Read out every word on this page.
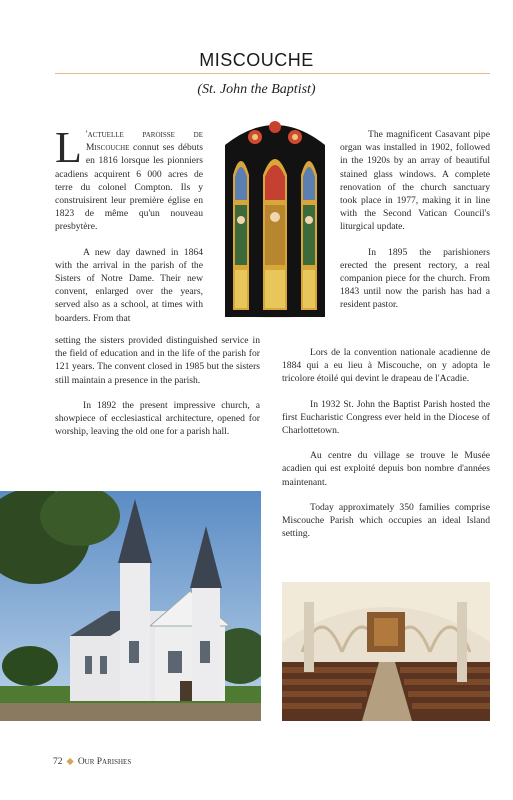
MISCOUCHE
(St. John the Baptist)

L 'actuelle paroisse de Miscouche connut ses débuts en 1816 lorsque les pionniers acadiens acquirent 6 000 acres de terre du colonel Compton. Ils y construisirent leur première église en 1823 de même qu'un nouveau presbytère.

A new day dawned in 1864 with the arrival in the parish of the Sisters of Notre Dame. Their new convent, enlarged over the years, served also as a school, at times with boarders. From that

setting the sisters provided distinguished service in the field of education and in the life of the parish for 121 years. The convent closed in 1985 but the sisters still maintain a presence in the parish.

In 1892 the present impressive church, a showpiece of ecclesiastical architecture, opened for worship, leaving the old one for a parish hall.

The magnificent Casavant pipe organ was installed in 1902, followed in the 1920s by an array of beautiful stained glass windows. A complete renovation of the church sanctuary took place in 1977, making it in line with the Second Vatican Council's liturgical update.

In 1895 the parishioners erected the present rectory, a real companion piece for the church. From 1843 until now the parish has had a resident pastor.

Lors de la convention nationale acadienne de 1884 qui a eu lieu à Miscouche, on y adopta le tricolore étoilé qui devint le drapeau de l'Acadie.

In 1932 St. John the Baptist Parish hosted the first Eucharistic Congress ever held in the Diocese of Charlottetown.

Au centre du village se trouve le Musée acadien qui est exploité depuis bon nombre d'années maintenant.

Today approximately 350 families comprise Miscouche Parish which occupies an ideal Island setting.

72 ◆ Our Parishes
